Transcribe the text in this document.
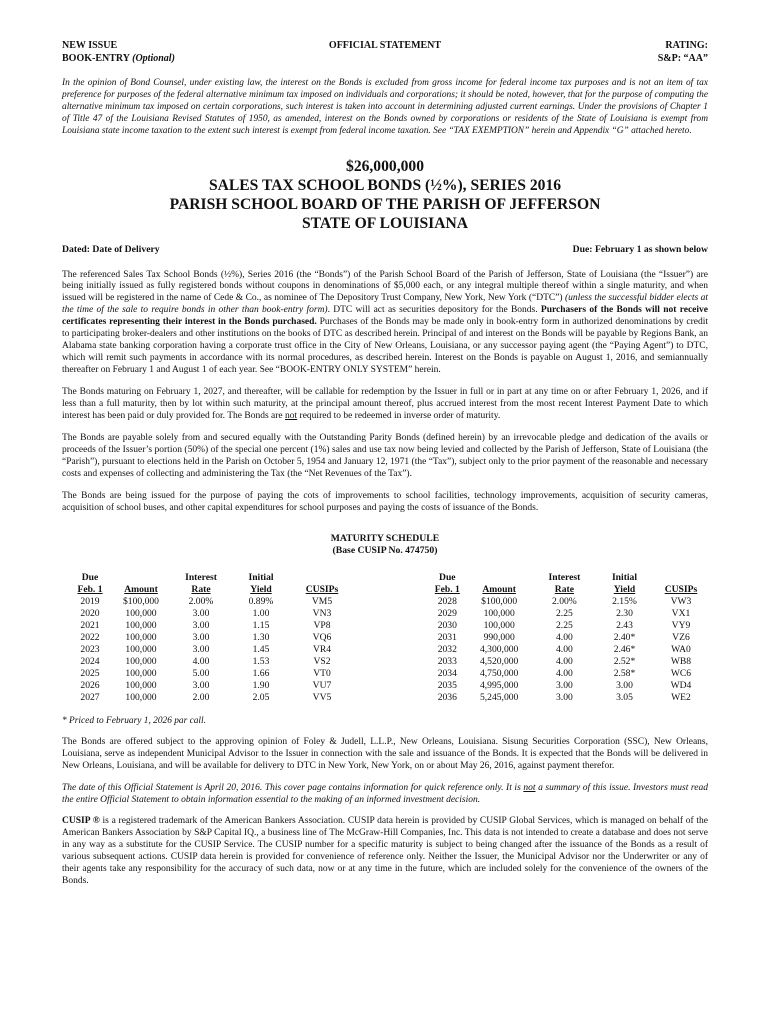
NEW ISSUE
BOOK-ENTRY (Optional)
OFFICIAL STATEMENT	RATING:
S&P: “AA”
In the opinion of Bond Counsel, under existing law, the interest on the Bonds is excluded from gross income for federal income tax purposes and is not an item of tax preference for purposes of the federal alternative minimum tax imposed on individuals and corporations; it should be noted, however, that for the purpose of computing the alternative minimum tax imposed on certain corporations, such interest is taken into account in determining adjusted current earnings. Under the provisions of Chapter 1 of Title 47 of the Louisiana Revised Statutes of 1950, as amended, interest on the Bonds owned by corporations or residents of the State of Louisiana is exempt from Louisiana state income taxation to the extent such interest is exempt from federal income taxation. See “TAX EXEMPTION” herein and Appendix “G” attached hereto.
$26,000,000
SALES TAX SCHOOL BONDS (½%), SERIES 2016
PARISH SCHOOL BOARD OF THE PARISH OF JEFFERSON
STATE OF LOUISIANA
Dated: Date of Delivery	Due: February 1 as shown below
The referenced Sales Tax School Bonds (½%), Series 2016 (the “Bonds”) of the Parish School Board of the Parish of Jefferson, State of Louisiana (the “Issuer”) are being initially issued as fully registered bonds without coupons in denominations of $5,000 each, or any integral multiple thereof within a single maturity, and when issued will be registered in the name of Cede & Co., as nominee of The Depository Trust Company, New York, New York (“DTC”) (unless the successful bidder elects at the time of the sale to require bonds in other than book-entry form). DTC will act as securities depository for the Bonds. Purchasers of the Bonds will not receive certificates representing their interest in the Bonds purchased. Purchases of the Bonds may be made only in book-entry form in authorized denominations by credit to participating broker-dealers and other institutions on the books of DTC as described herein. Principal of and interest on the Bonds will be payable by Regions Bank, an Alabama state banking corporation having a corporate trust office in the City of New Orleans, Louisiana, or any successor paying agent (the “Paying Agent”) to DTC, which will remit such payments in accordance with its normal procedures, as described herein. Interest on the Bonds is payable on August 1, 2016, and semiannually thereafter on February 1 and August 1 of each year. See “BOOK-ENTRY ONLY SYSTEM” herein.
The Bonds maturing on February 1, 2027, and thereafter, will be callable for redemption by the Issuer in full or in part at any time on or after February 1, 2026, and if less than a full maturity, then by lot within such maturity, at the principal amount thereof, plus accrued interest from the most recent Interest Payment Date to which interest has been paid or duly provided for. The Bonds are not required to be redeemed in inverse order of maturity.
The Bonds are payable solely from and secured equally with the Outstanding Parity Bonds (defined herein) by an irrevocable pledge and dedication of the avails or proceeds of the Issuer’s portion (50%) of the special one percent (1%) sales and use tax now being levied and collected by the Parish of Jefferson, State of Louisiana (the “Parish”), pursuant to elections held in the Parish on October 5, 1954 and January 12, 1971 (the “Tax”), subject only to the prior payment of the reasonable and necessary costs and expenses of collecting and administering the Tax (the “Net Revenues of the Tax”).
The Bonds are being issued for the purpose of paying the cots of improvements to school facilities, technology improvements, acquisition of security cameras, acquisition of school buses, and other capital expenditures for school purposes and paying the costs of issuance of the Bonds.
MATURITY SCHEDULE
(Base CUSIP No. 474750)
Due
Feb. 1	Amount	Interest
Rate	Initial
Yield	CUSIPs
2019	$100,000	2.00%	0.89%	VM5
2020	100,000	3.00	1.00	VN3
2021	100,000	3.00	1.15	VP8
2022	100,000	3.00	1.30	VQ6
2023	100,000	3.00	1.45	VR4
2024	100,000	4.00	1.53	VS2
2025	100,000	5.00	1.66	VT0
2026	100,000	3.00	1.90	VU7
2027	100,000	2.00	2.05	VV5
Due
Feb. 1	Amount	Interest
Rate	Initial
Yield	CUSIPs
2028	$100,000	2.00%	2.15%	VW3
2029	100,000	2.25	2.30	VX1
2030	100,000	2.25	2.43	VY9
2031	990,000	4.00	2.40*	VZ6
2032	4,300,000	4.00	2.46*	WA0
2033	4,520,000	4.00	2.52*	WB8
2034	4,750,000	4.00	2.58*	WC6
2035	4,995,000	3.00	3.00	WD4
2036	5,245,000	3.00	3.05	WE2
* Priced to February 1, 2026 par call.
The Bonds are offered subject to the approving opinion of Foley & Judell, L.L.P., New Orleans, Louisiana. Sisung Securities Corporation (SSC), New Orleans, Louisiana, serve as independent Municipal Advisor to the Issuer in connection with the sale and issuance of the Bonds. It is expected that the Bonds will be delivered in New Orleans, Louisiana, and will be available for delivery to DTC in New York, New York, on or about May 26, 2016, against payment therefor.
The date of this Official Statement is April 20, 2016. This cover page contains information for quick reference only. It is not a summary of this issue. Investors must read the entire Official Statement to obtain information essential to the making of an informed investment decision.
CUSIP ® is a registered trademark of the American Bankers Association. CUSIP data herein is provided by CUSIP Global Services, which is managed on behalf of the American Bankers Association by S&P Capital IQ., a business line of The McGraw-Hill Companies, Inc. This data is not intended to create a database and does not serve in any way as a substitute for the CUSIP Service. The CUSIP number for a specific maturity is subject to being changed after the issuance of the Bonds as a result of various subsequent actions. CUSIP data herein is provided for convenience of reference only. Neither the Issuer, the Municipal Advisor nor the Underwriter or any of their agents take any responsibility for the accuracy of such data, now or at any time in the future, which are included solely for the convenience of the owners of the Bonds.
